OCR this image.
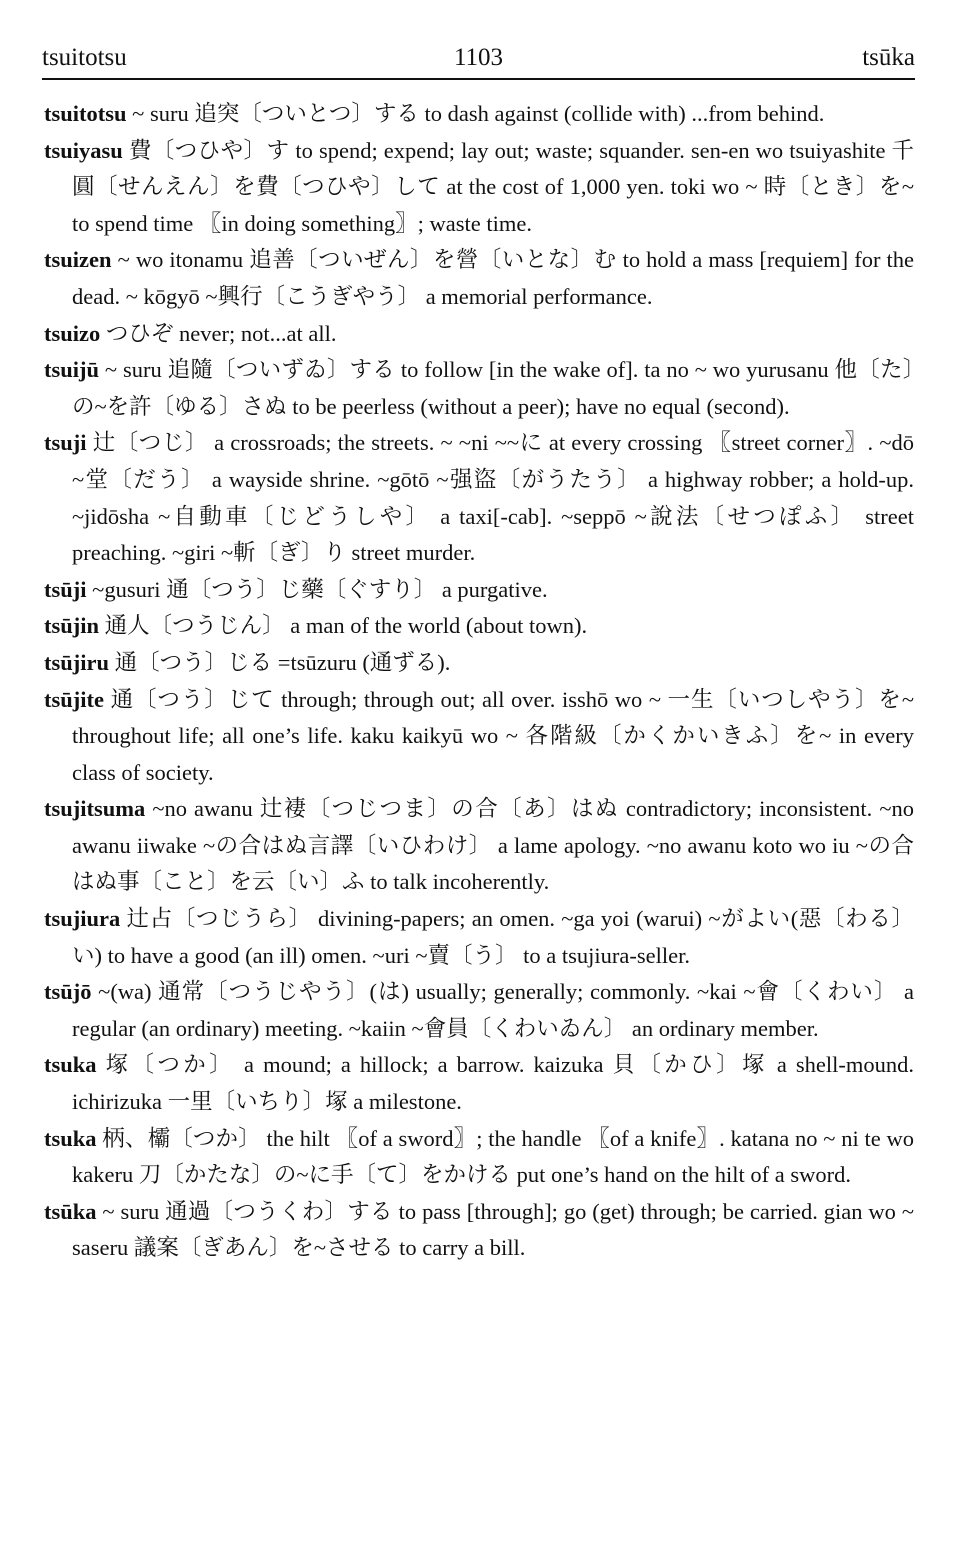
tsuitotsu	1103	tsūka

tsuitotsu ~ suru 追突〔ついとつ〕する to dash against (collide with) ...from behind.

tsuiyasu 費〔つひや〕す to spend; expend; lay out; waste; squander. sen-en wo tsuiyashite 千圓〔せんえん〕を費〔つひや〕して at the cost of 1,000 yen. toki wo ~ 時〔とき〕を~ to spend time 〖in doing something〗; waste time.

tsuizen ~ wo itonamu 追善〔ついぜん〕を營〔いとな〕む to hold a mass [requiem] for the dead. ~ kōgyō ~興行〔こうぎやう〕 a memorial performance.

tsuizo つひぞ never; not...at all.

tsuijū ~ suru 追隨〔ついずゐ〕する to follow [in the wake of]. ta no ~ wo yurusanu 他〔た〕の~を許〔ゆる〕さぬ to be peerless (without a peer); have no equal (second).

tsuji 辻〔つじ〕 a crossroads; the streets. ~ ~ni ~~に at every crossing 〖street corner〗. ~dō ~堂〔だう〕 a wayside shrine. ~gōtō ~强盜〔がうたう〕 a highway robber; a hold-up. ~jidōsha ~自動車〔じどうしや〕 a taxi[-cab]. ~seppō ~說法〔せつぽふ〕 street preaching. ~giri ~斬〔ぎ〕り street murder.

tsūji ~gusuri 通〔つう〕じ藥〔ぐすり〕 a purgative.

tsūjin 通人〔つうじん〕 a man of the world (about town).

tsūjiru 通〔つう〕じる =tsūzuru (通ずる).

tsūjite 通〔つう〕じて through; through out; all over. isshō wo ~ 一生〔いつしやう〕を~ throughout life; all one’s life. kaku kaikyū wo ~ 各階級〔かくかいきふ〕を~ in every class of society.

tsujitsuma ~no awanu 辻褄〔つじつま〕の合〔あ〕はぬ contradictory; inconsistent. ~no awanu iiwake ~の合はぬ言譯〔いひわけ〕 a lame apology. ~no awanu koto wo iu ~の合はぬ事〔こと〕を云〔い〕ふ to talk incoherently.

tsujiura 辻占〔つじうら〕 divining-papers; an omen. ~ga yoi (warui) ~がよい(惡〔わる〕い) to have a good (an ill) omen. ~uri ~賣〔う〕 to a tsujiura-seller.

tsūjō ~(wa) 通常〔つうじやう〕(は) usually; generally; commonly. ~kai ~會〔くわい〕 a regular (an ordinary) meeting. ~kaiin ~會員〔くわいゐん〕 an ordinary member.

tsuka 塚〔つか〕 a mound; a hillock; a barrow. kaizuka 貝〔かひ〕塚 a shell-mound. ichirizuka 一里〔いちり〕塚 a milestone.

tsuka 柄、欛〔つか〕 the hilt 〖of a sword〗; the handle 〖of a knife〗. katana no ~ ni te wo kakeru 刀〔かたな〕の~に手〔て〕をかける put one’s hand on the hilt of a sword.

tsūka ~ suru 通過〔つうくわ〕する to pass [through]; go (get) through; be carried. gian wo ~ saseru 議案〔ぎあん〕を~させる to carry a bill.
